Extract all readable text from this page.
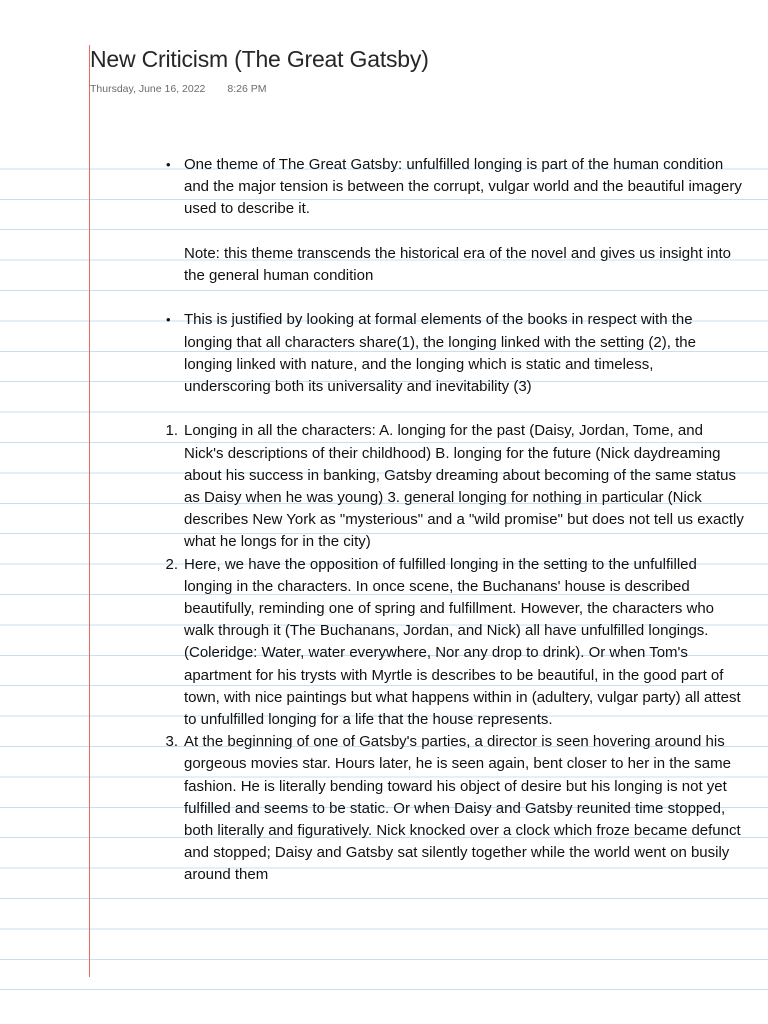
New Criticism (The Great Gatsby)
Thursday, June 16, 2022 8:26 PM
• One theme of The Great Gatsby: unfulfilled longing is part of the human condition and the major tension is between the corrupt, vulgar world and the beautiful imagery used to describe it.
Note: this theme transcends the historical era of the novel and gives us insight into the general human condition
• This is justified by looking at formal elements of the books in respect with the longing that all characters share(1), the longing linked with the setting (2), the longing linked with nature, and the longing which is static and timeless, underscoring both its universality and inevitability (3)
1. Longing in all the characters: A. longing for the past (Daisy, Jordan, Tome, and Nick's descriptions of their childhood) B. longing for the future (Nick daydreaming about his success in banking, Gatsby dreaming about becoming of the same status as Daisy when he was young) 3. general longing for nothing in particular (Nick describes New York as "mysterious" and a "wild promise" but does not tell us exactly what he longs for in the city)
2. Here, we have the opposition of fulfilled longing in the setting to the unfulfilled longing in the characters. In once scene, the Buchanans' house is described beautifully, reminding one of spring and fulfillment. However, the characters who walk through it (The Buchanans, Jordan, and Nick) all have unfulfilled longings. (Coleridge: Water, water everywhere, Nor any drop to drink). Or when Tom's apartment for his trysts with Myrtle is describes to be beautiful, in the good part of town, with nice paintings but what happens within in (adultery, vulgar party) all attest to unfulfilled longing for a life that the house represents.
3. At the beginning of one of Gatsby's parties, a director is seen hovering around his gorgeous movies star. Hours later, he is seen again, bent closer to her in the same fashion. He is literally bending toward his object of desire but his longing is not yet fulfilled and seems to be static. Or when Daisy and Gatsby reunited time stopped, both literally and figuratively. Nick knocked over a clock which froze became defunct and stopped; Daisy and Gatsby sat silently together while the world went on busily around them
